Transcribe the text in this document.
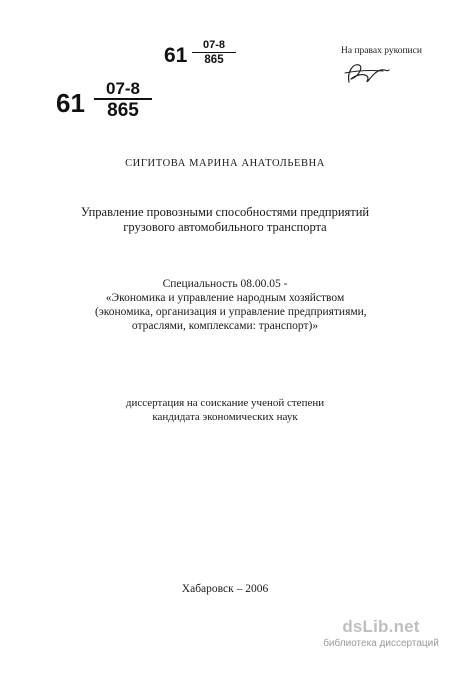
$61 \frac{07-8}{865}$
$61 \frac{07-8}{865}$
На правах рукописи
СИГИТОВА МАРИНА АНАТОЛЬЕВНА
Управление провозными способностями предприятий грузового автомобильного транспорта
Специальность 08.00.05 -
«Экономика и управление народным хозяйством
(экономика, организация и управление предприятиями,
отраслями, комплексами: транспорт)»
диссертация на соискание ученой степени
кандидата экономических наук
Хабаровск – 2006
dsLib.net
библиотека диссертаций
